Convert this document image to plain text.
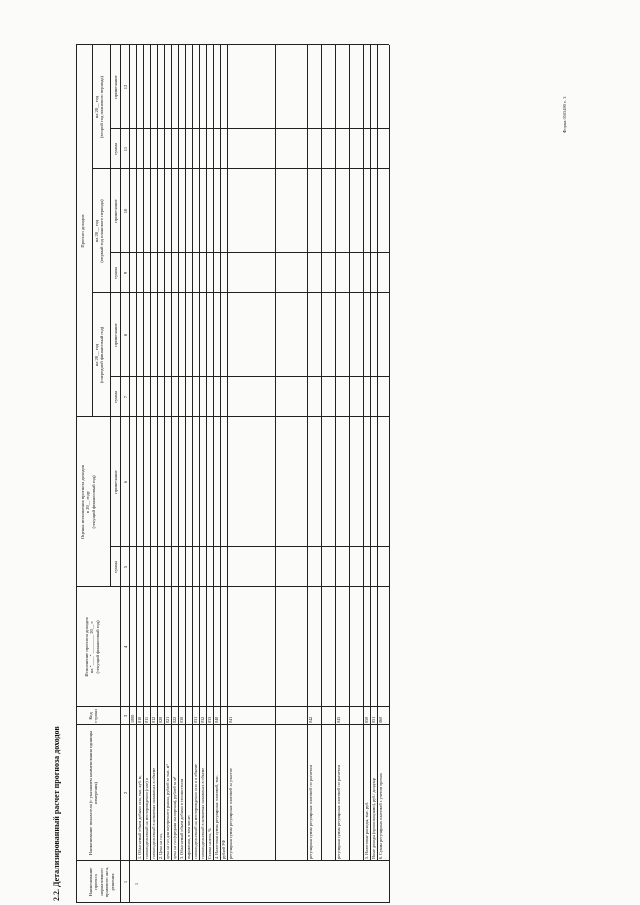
Форма 0505490 с. 3
2.2. Детализированный расчет прогноза доходов	Наименование проекта нормативного правового акта, решения
Наименование показателя (с указанием наименования единицы измерения)
Код строки
Исполнение прогноза доходов на "____" ________ 20__ г. (текущий финансовый год)
Оценка исполнения прогноза доходов в 20__ году (текущий финансовый год)
Прогноз доходов
на 20__ год (очередной финансовый год)
на 20__ год (первый год планового периода)
на 20__ год (второй год планового периода)
сумма
примечание
сумма
примечание
сумма
примечание
сумма
примечание
1
2
3
4
5
6
7
8
9
10
11
12
1
1000
1. Облагаемый объем добычи газа, тыс. куб. м,
010
газоконденсатный на месторождении (газе) и
011
газоконденсатный в ковшевых скважинах в объеме
012
2. Цена на газ,
020
цена на газ для внутреннего рынка, рублей за тыс. м³
021
цена на газ (средняя экспортная), рублей за м³
022
3. Облагаемый объем добычи в стоимостном
030
выражении, в том числе: газоконденсатный на месторождении газа и в объеме
031
газоконденсатный в ковшевых скважинах в объеме
032
Ставка налога, %
033
4. Налоговая сумма регулярных платежей, тыс.
040
рублей РФ регулярная сумма регулярных платежей за участие
041
регулярная сумма регулярных платежей по расчетам
042
регулярная сумма регулярных платежей по расчетам
043
5. Налоговые расходы, тыс. руб.
050
Иные доходы (организациями), руб./ долдлар
051
6. Сумма регулярных платежей с учетом прочих
060
